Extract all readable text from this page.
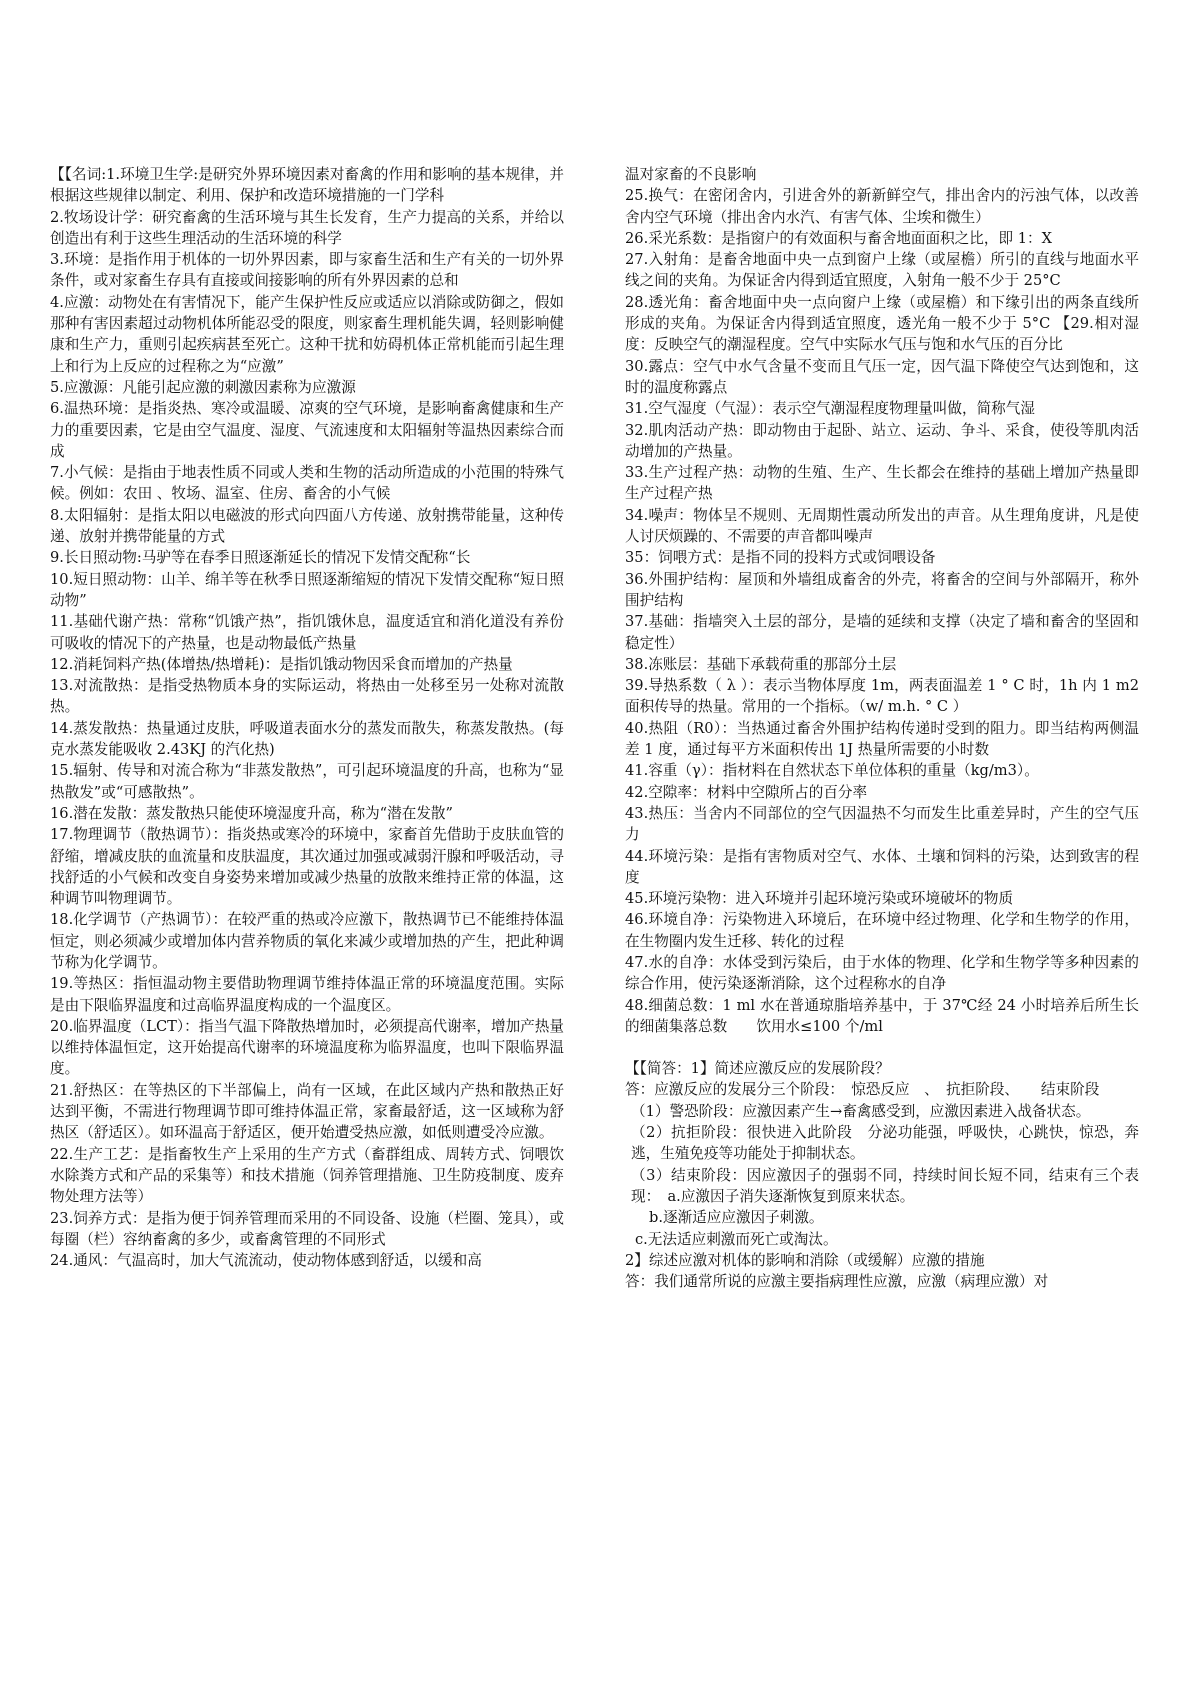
【【名词:1.环境卫生学:是研究外界环境因素对畜禽的作用和影响的基本规律，并根据这些规律以制定、利用、保护和改造环境措施的一门学科

2.牧场设计学：研究畜禽的生活环境与其生长发育，生产力提高的关系，并给以创造出有利于这些生理活动的生活环境的科学

3.环境：是指作用于机体的一切外界因素，即与家畜生活和生产有关的一切外界条件，或对家畜生存具有直接或间接影响的所有外界因素的总和

4.应激：动物处在有害情况下，能产生保护性反应或适应以消除或防御之，假如那种有害因素超过动物机体所能忍受的限度，则家畜生理机能失调，轻则影响健康和生产力，重则引起疾病甚至死亡。这种干扰和妨碍机体正常机能而引起生理上和行为上反应的过程称之为“应激”

5.应激源：凡能引起应激的刺激因素称为应激源

6.温热环境：是指炎热、寒冷或温暖、凉爽的空气环境，是影响畜禽健康和生产力的重要因素，它是由空气温度、湿度、气流速度和太阳辐射等温热因素综合而成

7.小气候：是指由于地表性质不同或人类和生物的活动所造成的小范围的特殊气候。例如：农田 、牧场、温室、住房、畜舍的小气候

8.太阳辐射：是指太阳以电磁波的形式向四面八方传递、放射携带能量，这种传递、放射并携带能量的方式

9.长日照动物:马驴等在春季日照逐渐延长的情况下发情交配称“长

10.短日照动物：山羊、绵羊等在秋季日照逐渐缩短的情况下发情交配称“短日照动物”

11.基础代谢产热：常称“饥饿产热”，指饥饿休息，温度适宜和消化道没有养份可吸收的情况下的产热量，也是动物最低产热量

12.消耗饲料产热(体增热/热增耗)：是指饥饿动物因采食而增加的产热量

13.对流散热：是指受热物质本身的实际运动，将热由一处移至另一处称对流散热。

14.蒸发散热：热量通过皮肤，呼吸道表面水分的蒸发而散失，称蒸发散热。(每克水蒸发能吸收 2.43KJ 的汽化热)

15.辐射、传导和对流合称为“非蒸发散热”，可引起环境温度的升高，也称为“显热散发”或“可感散热”。

16.潜在发散：蒸发散热只能使环境湿度升高，称为“潜在发散”

17.物理调节（散热调节）：指炎热或寒冷的环境中，家畜首先借助于皮肤血管的舒缩，增减皮肤的血流量和皮肤温度，其次通过加强或减弱汗腺和呼吸活动，寻找舒适的小气候和改变自身姿势来增加或减少热量的放散来维持正常的体温，这种调节叫物理调节。

18.化学调节（产热调节）：在较严重的热或冷应激下，散热调节已不能维持体温恒定，则必须减少或增加体内营养物质的氧化来减少或增加热的产生，把此种调节称为化学调节。

19.等热区：指恒温动物主要借助物理调节维持体温正常的环境温度范围。实际是由下限临界温度和过高临界温度构成的一个温度区。

20.临界温度（LCT）：指当气温下降散热增加时，必须提高代谢率，增加产热量以维持体温恒定，这开始提高代谢率的环境温度称为临界温度，也叫下限临界温度。

21.舒热区：在等热区的下半部偏上，尚有一区域，在此区域内产热和散热正好达到平衡，不需进行物理调节即可维持体温正常，家畜最舒适，这一区域称为舒热区（舒适区）。如环温高于舒适区，便开始遭受热应激，如低则遭受冷应激。

22.生产工艺：是指畜牧生产上采用的生产方式（畜群组成、周转方式、饲喂饮水除粪方式和产品的采集等）和技术措施（饲养管理措施、卫生防疫制度、废弃物处理方法等）

23.饲养方式：是指为便于饲养管理而采用的不同设备、设施（栏圈、笼具），或每圈（栏）容纳畜禽的多少，或畜禽管理的不同形式

24.通风：气温高时，加大气流流动，使动物体感到舒适，以缓和高

温对家畜的不良影响

25.换气：在密闭舍内，引进舍外的新新鲜空气，排出舍内的污浊气体，以改善舍内空气环境（排出舍内水汽、有害气体、尘埃和微生）

26.采光系数：是指窗户的有效面积与畜舍地面面积之比，即 1：X

27.入射角：是畜舍地面中央一点到窗户上缘（或屋檐）所引的直线与地面水平线之间的夹角。为保证舍内得到适宜照度，入射角一般不少于 25°C

28.透光角：畜舍地面中央一点向窗户上缘（或屋檐）和下缘引出的两条直线所形成的夹角。为保证舍内得到适宜照度，透光角一般不少于 5°C 【29.相对湿度：反映空气的潮湿程度。空气中实际水气压与饱和水气压的百分比

30.露点：空气中水气含量不变而且气压一定，因气温下降使空气达到饱和，这时的温度称露点

31.空气湿度（气湿）：表示空气潮湿程度物理量叫做，简称气湿

32.肌肉活动产热：即动物由于起卧、站立、运动、争斗、采食，使役等肌肉活动增加的产热量。

33.生产过程产热：动物的生殖、生产、生长都会在维持的基础上增加产热量即生产过程产热

34.噪声：物体呈不规则、无周期性震动所发出的声音。从生理角度讲，凡是使人讨厌烦躁的、不需要的声音都叫噪声

35：饲喂方式：是指不同的投料方式或饲喂设备

36.外围护结构：屋顶和外墙组成畜舍的外壳，将畜舍的空间与外部隔开，称外围护结构

37.基础：指墙突入土层的部分，是墙的延续和支撑（决定了墙和畜舍的坚固和稳定性）

38.冻账层：基础下承载荷重的那部分土层

39.导热系数（ λ ）：表示当物体厚度 1m，两表面温差 1 ° C 时，1h 内 1 m2 面积传导的热量。常用的一个指标。（w/ m.h. ° C ）

40.热阻（R0）：当热通过畜舍外围护结构传递时受到的阻力。即当结构两侧温差 1 度，通过每平方米面积传出 1J 热量所需要的小时数

41.容重（γ）：指材料在自然状态下单位体积的重量（kg/m3）。

42.空隙率：材料中空隙所占的百分率

43.热压：当舍内不同部位的空气因温热不匀而发生比重差异时，产生的空气压力

44.环境污染：是指有害物质对空气、水体、土壤和饲料的污染，达到致害的程度

45.环境污染物：进入环境并引起环境污染或环境破坏的物质

46.环境自净：污染物进入环境后，在环境中经过物理、化学和生物学的作用，在生物圈内发生迁移、转化的过程

47.水的自净：水体受到污染后，由于水体的物理、化学和生物学等多种因素的综合作用，使污染逐渐消除，这个过程称水的自净

48.细菌总数：1 ml 水在普通琼脂培养基中，于 37℃经 24 小时培养后所生长的细菌集落总数　　饮用水≤100 个/ml

【【简答：1】简述应激反应的发展阶段？

答：应激反应的发展分三个阶段：　惊恐反应　、　抗拒阶段、　　结束阶段

（1）警恐阶段：应激因素产生→畜禽感受到，应激因素进入战备状态。

（2）抗拒阶段：很快进入此阶段　分泌功能强，呼吸快，心跳快，惊恐，奔逃，生殖免疫等功能处于抑制状态。

（3）结束阶段：因应激因子的强弱不同，持续时间长短不同，结束有三个表现：　a.应激因子消失逐渐恢复到原来状态。

b.逐渐适应应激因子刺激。

c.无法适应刺激而死亡或淘汰。

2】综述应激对机体的影响和消除（或缓解）应激的措施

答：我们通常所说的应激主要指病理性应激，应激（病理应激）对
